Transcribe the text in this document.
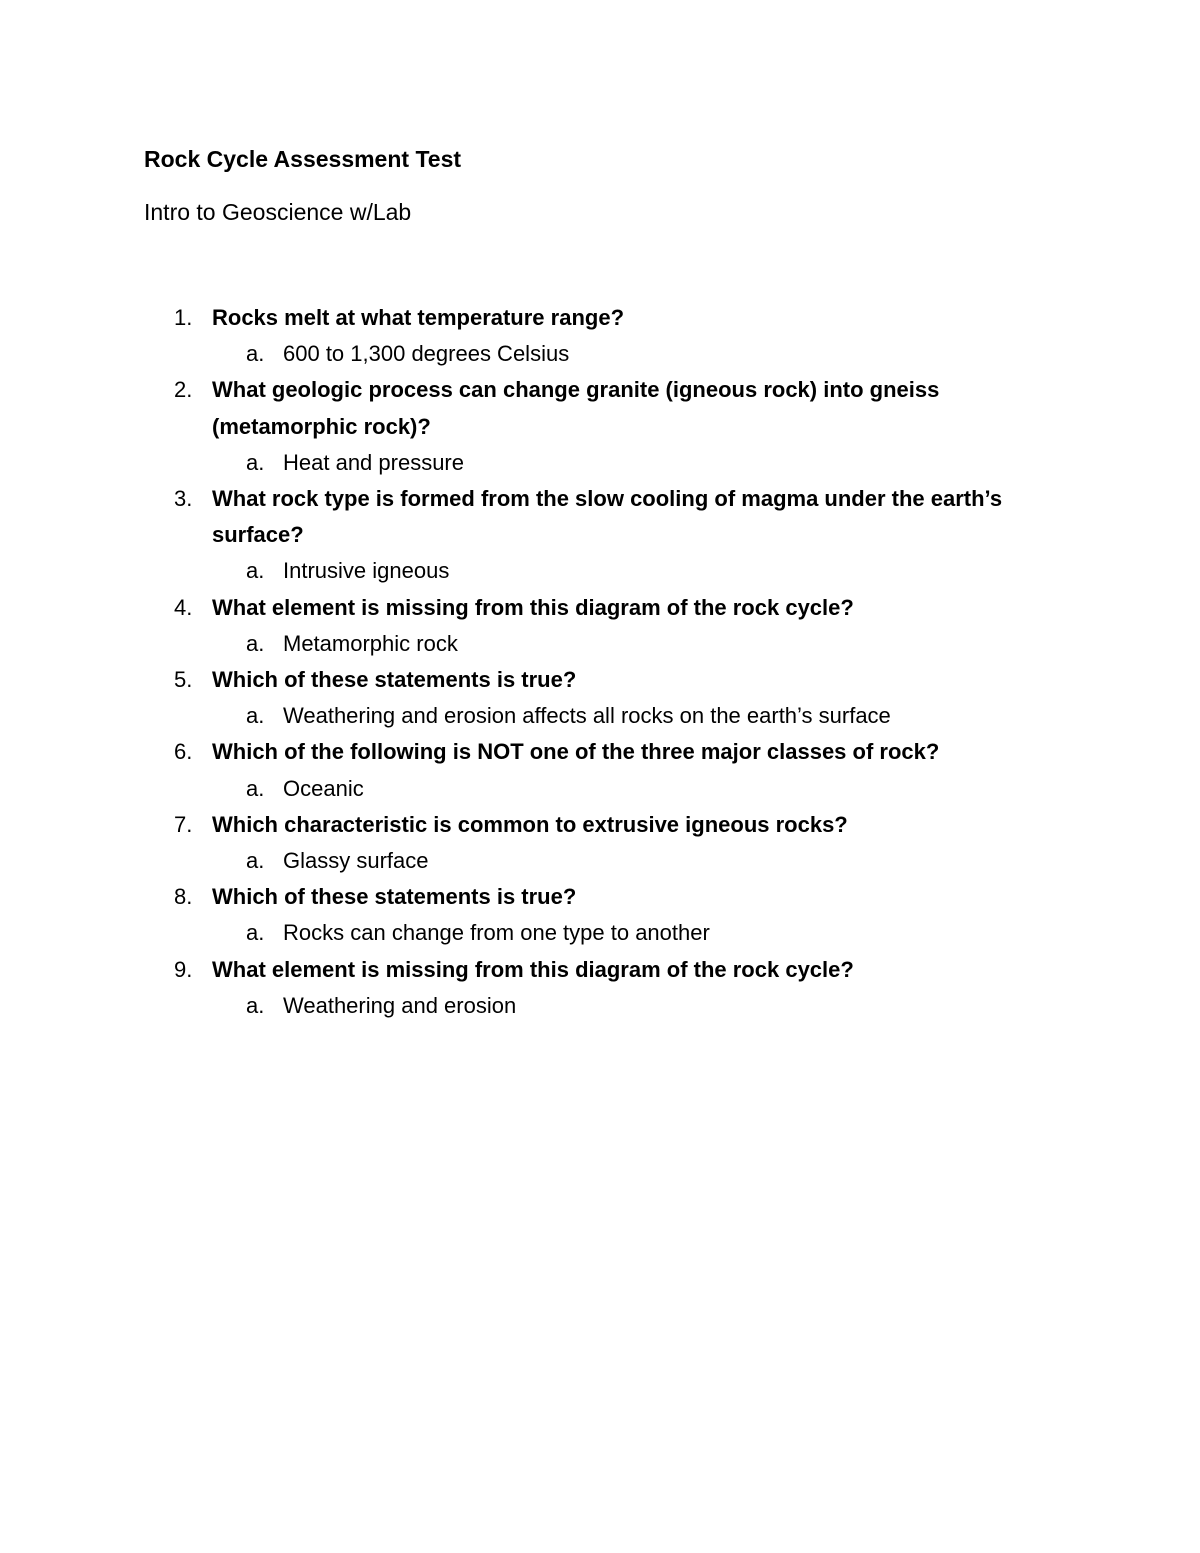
Rock Cycle Assessment Test
Intro to Geoscience w/Lab
1. Rocks melt at what temperature range?
a. 600 to 1,300 degrees Celsius
2. What geologic process can change granite (igneous rock) into gneiss (metamorphic rock)?
a. Heat and pressure
3. What rock type is formed from the slow cooling of magma under the earth’s surface?
a. Intrusive igneous
4. What element is missing from this diagram of the rock cycle?
a. Metamorphic rock
5. Which of these statements is true?
a. Weathering and erosion affects all rocks on the earth’s surface
6. Which of the following is NOT one of the three major classes of rock?
a. Oceanic
7. Which characteristic is common to extrusive igneous rocks?
a. Glassy surface
8. Which of these statements is true?
a. Rocks can change from one type to another
9. What element is missing from this diagram of the rock cycle?
a. Weathering and erosion
